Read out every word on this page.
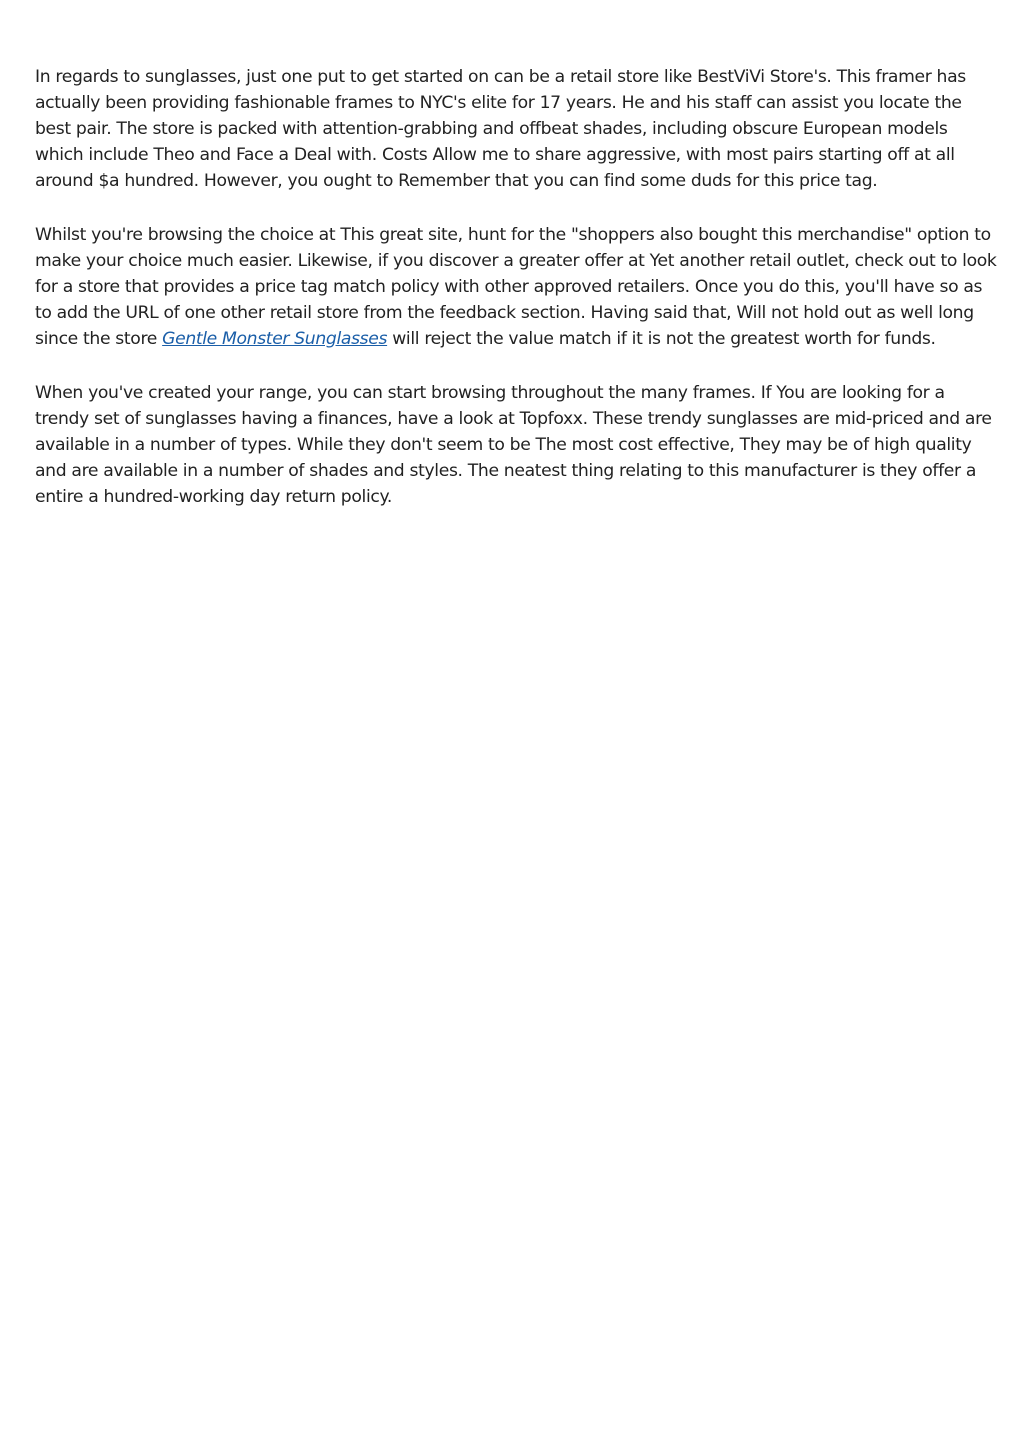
In regards to sunglasses, just one put to get started on can be a retail store like BestViVi Store's. This framer has actually been providing fashionable frames to NYC's elite for 17 years. He and his staff can assist you locate the best pair. The store is packed with attention-grabbing and offbeat shades, including obscure European models which include Theo and Face a Deal with. Costs Allow me to share aggressive, with most pairs starting off at all around $a hundred. However, you ought to Remember that you can find some duds for this price tag.

Whilst you're browsing the choice at This great site, hunt for the "shoppers also bought this merchandise" option to make your choice much easier. Likewise, if you discover a greater offer at Yet another retail outlet, check out to look for a store that provides a price tag match policy with other approved retailers. Once you do this, you'll have so as to add the URL of one other retail store from the feedback section. Having said that, Will not hold out as well long since the store Gentle Monster Sunglasses will reject the value match if it is not the greatest worth for funds.

When you've created your range, you can start browsing throughout the many frames. If You are looking for a trendy set of sunglasses having a finances, have a look at Topfoxx. These trendy sunglasses are mid-priced and are available in a number of types. While they don't seem to be The most cost effective, They may be of high quality and are available in a number of shades and styles. The neatest thing relating to this manufacturer is they offer a entire a hundred-working day return policy.
